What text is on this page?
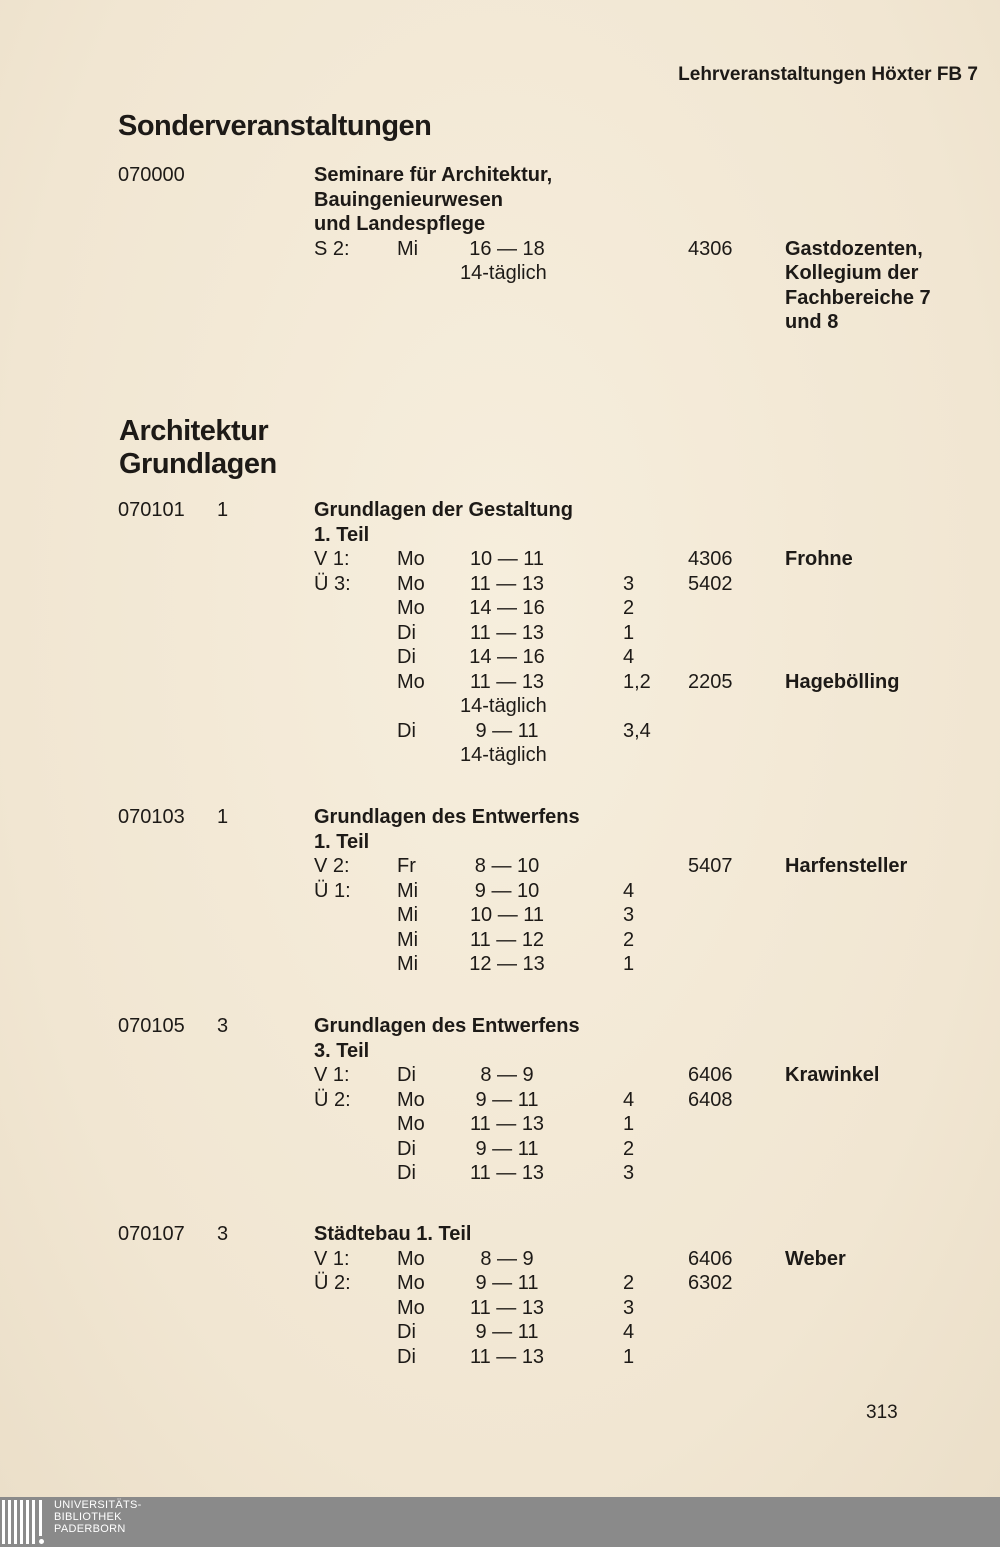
Lehrveranstaltungen Höxter FB 7
Sonderveranstaltungen
Architektur
Grundlagen
070000	Seminare für Architektur,
Bauingenieurwesen
und Landespflege
S 2: Mi	16 — 18	4306	Gastdozenten,
14-täglich	Kollegium der
Fachbereiche 7
und 8
070101 1	Grundlagen der Gestaltung
1. Teil
V 1: Mo 10 — 11	4306	Frohne
Ü 3: Mo 11 — 13	3	5402
Mo 14 — 16	2
Di	11 — 13	1
Di	14 — 16	4
Mo 11 — 13	1,2 2205	Hagebölling
14-täglich
Di	9 — 11	3,4
14-täglich
070103 1	Grundlagen des Entwerfens
1. Teil
V 2: Fr	8 — 10	5407	Harfensteller
Ü 1: Mi	9 — 10	4
Mi	10 — 11	3
Mi	11 — 12	2
Mi	12 — 13	1
070105 3	Grundlagen des Entwerfens
3. Teil
V 1: Di	8 — 9	6406	Krawinkel
Ü 2: Mo	9 — 11	4	6408
Mo 11 — 13	1
Di	9 — 11	2
Di	11 — 13	3
070107 3	Städtebau 1. Teil
V 1: Mo	8 — 9	6406	Weber
Ü 2: Mo	9 — 11	2	6302
Mo 11 — 13	3
Di	9 — 11	4
Di	11 — 13	1
313
UNIVERSITÄTS-
BIBLIOTHEK
PADERBORN
